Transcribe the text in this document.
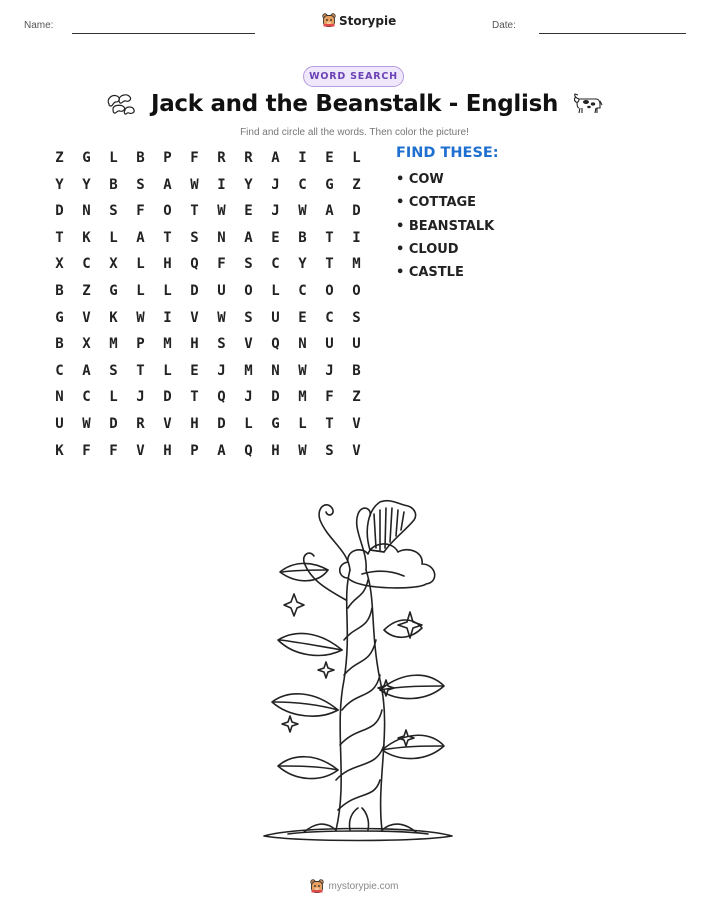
Name:	Storypie	Date:
WORD SEARCH
Jack and the Beanstalk - English
Find and circle all the words. Then color the picture!
Z	G	L	B	P	F	R	R	A	I	E	L
Y	Y	B	S	A	W	I	Y	J	C	G	Z
D	N	S	F	O	T	W	E	J	W	A	D
T	K	L	A	T	S	N	A	E	B	T	I
X	C	X	L	H	Q	F	S	C	Y	T	M
B	Z	G	L	L	D	U	O	L	C	O	O
G	V	K	W	I	V	W	S	U	E	C	S
B	X	M	P	M	H	S	V	Q	N	U	U
C	A	S	T	L	E	J	M	N	W	J	B
N	C	L	J	D	T	Q	J	D	M	F	Z
U	W	D	R	V	H	D	L	G	L	T	V
K	F	F	V	H	P	A	Q	H	W	S	V
FIND THESE:
• COW
• COTTAGE
• BEANSTALK
• CLOUD
• CASTLE
mystorypie.com
